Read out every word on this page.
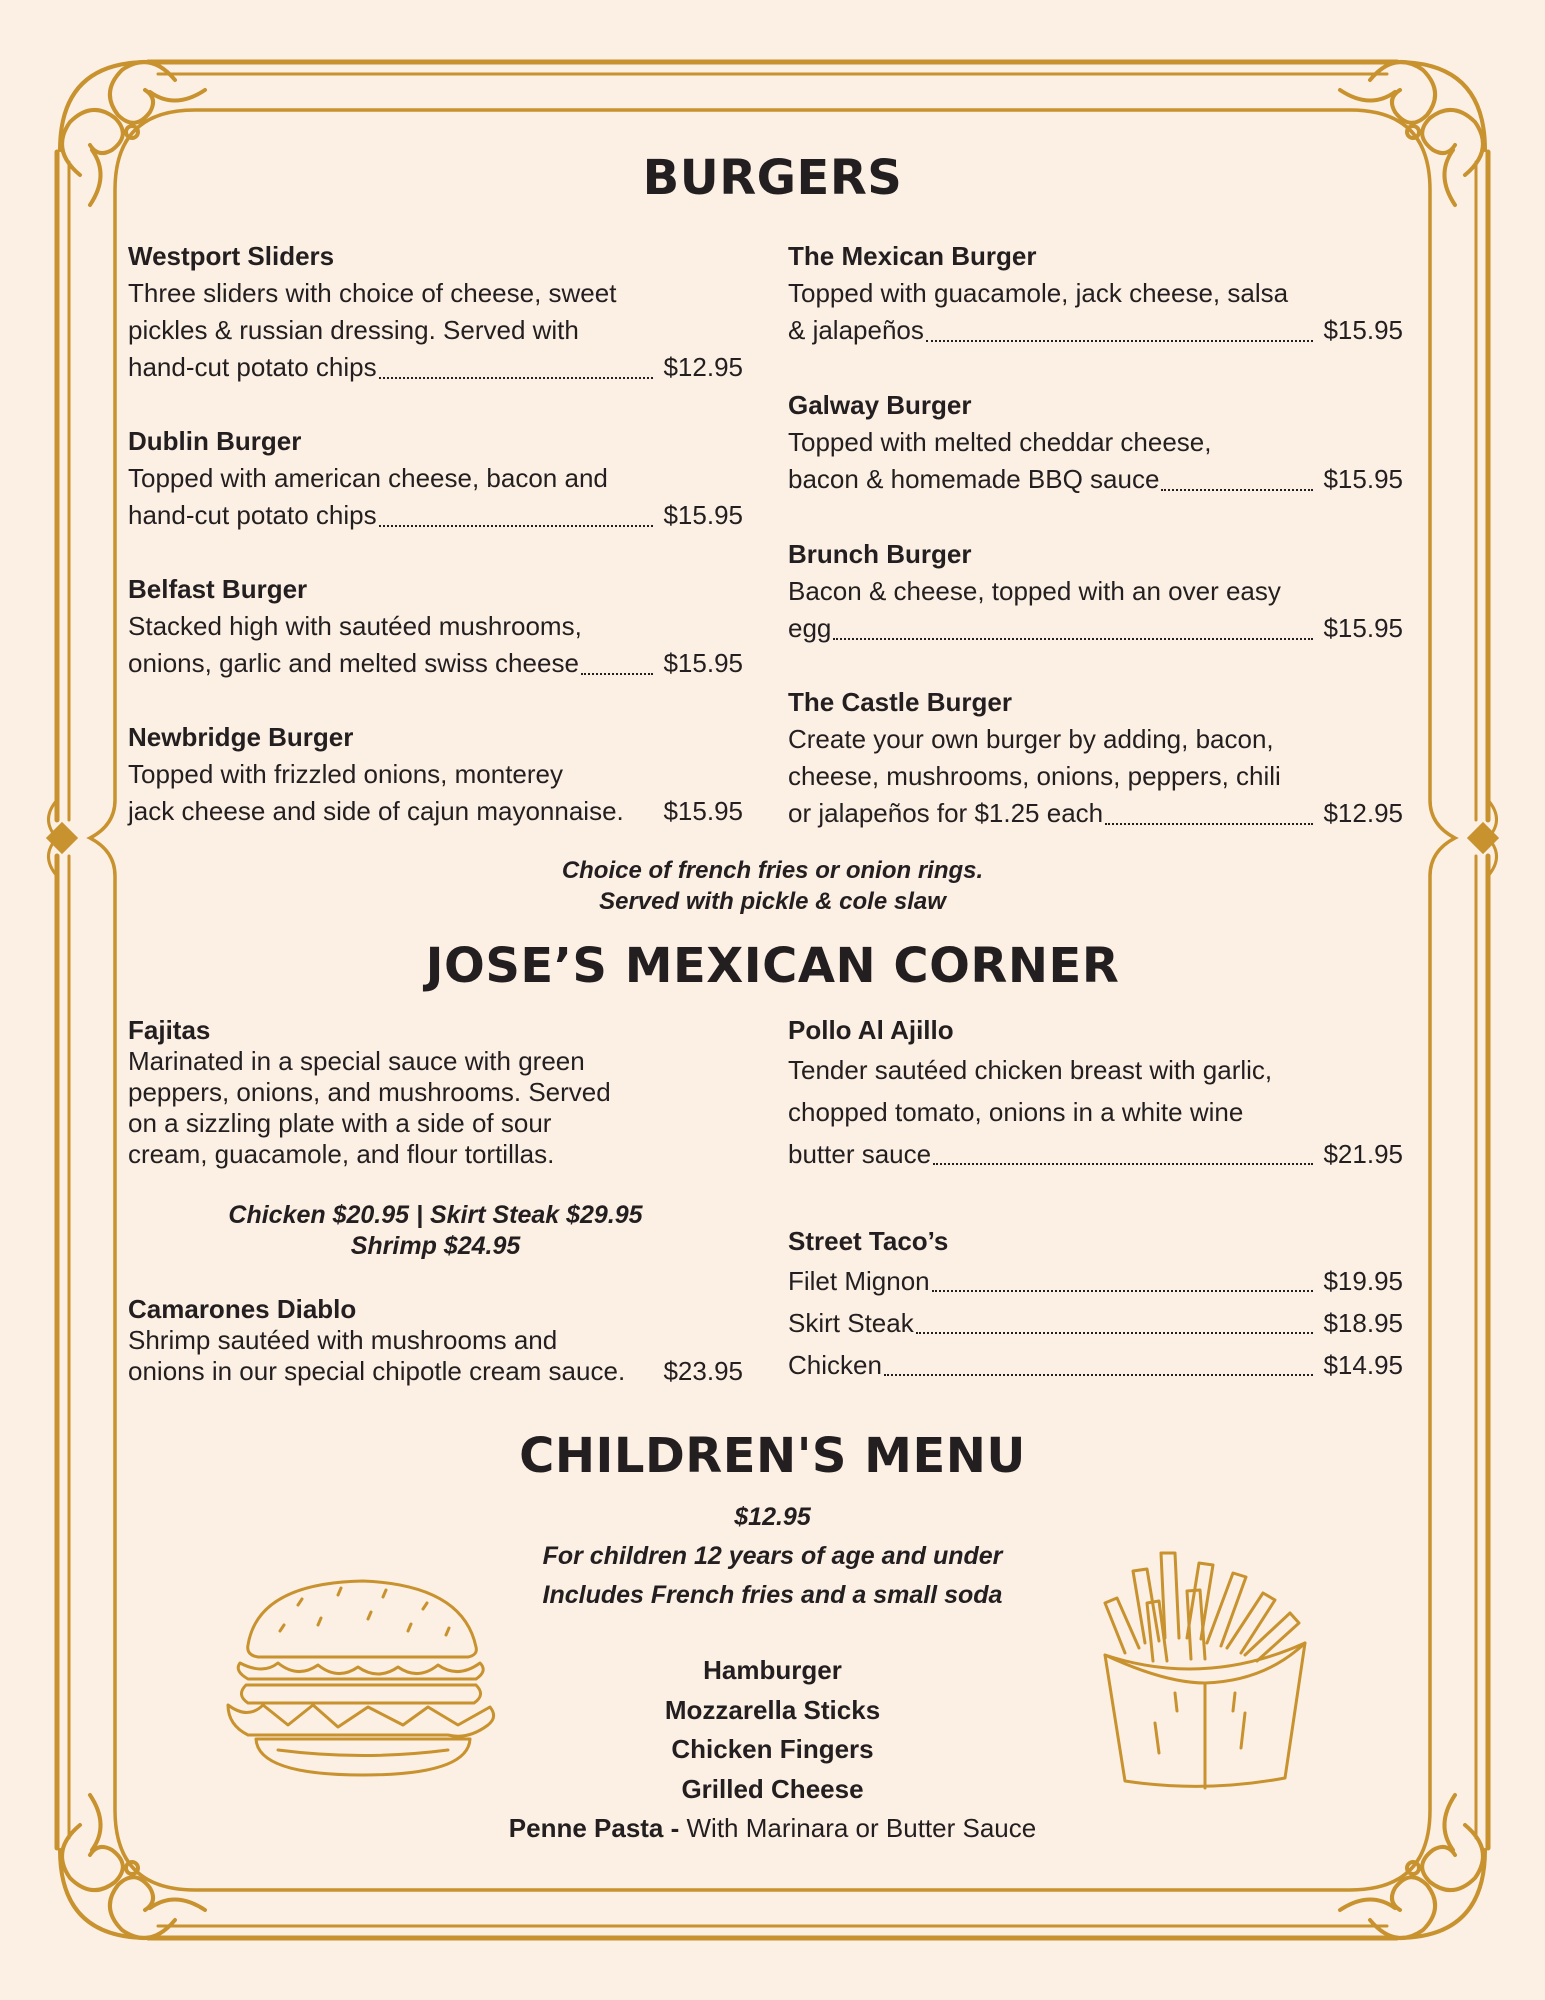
BURGERS
Westport Sliders
Three sliders with choice of cheese, sweet
pickles & russian dressing. Served with
hand-cut potato chips	$12.95
Dublin Burger
Topped with american cheese, bacon and
hand-cut potato chips	$15.95
Belfast Burger
Stacked high with sautéed mushrooms,
onions, garlic and melted swiss cheese	$15.95
Newbridge Burger
Topped with frizzled onions, monterey
jack cheese and side of cajun mayonnaise. $15.95
The Mexican Burger
Topped with guacamole, jack cheese, salsa
& jalapeños	$15.95
Galway Burger
Topped with melted cheddar cheese,
bacon & homemade BBQ sauce	$15.95
Brunch Burger
Bacon & cheese, topped with an over easy
egg	$15.95
The Castle Burger
Create your own burger by adding, bacon,
cheese, mushrooms, onions, peppers, chili
or jalapeños for $1.25 each	$12.95
Choice of french fries or onion rings.
Served with pickle & cole slaw
JOSE’S MEXICAN CORNER
Fajitas
Marinated in a special sauce with green
peppers, onions, and mushrooms. Served
on a sizzling plate with a side of sour
cream, guacamole, and flour tortillas.
Chicken $20.95 | Skirt Steak $29.95
Shrimp $24.95
Camarones Diablo
Shrimp sautéed with mushrooms and
onions in our special chipotle cream sauce. $23.95
Pollo Al Ajillo
Tender sautéed chicken breast with garlic,
chopped tomato, onions in a white wine
butter sauce	$21.95
Street Taco’s
Filet Mignon	$19.95
Skirt Steak	$18.95
Chicken	$14.95
CHILDREN'S MENU
$12.95
For children 12 years of age and under
Includes French fries and a small soda
Hamburger
Mozzarella Sticks
Chicken Fingers
Grilled Cheese
Penne Pasta - With Marinara or Butter Sauce
